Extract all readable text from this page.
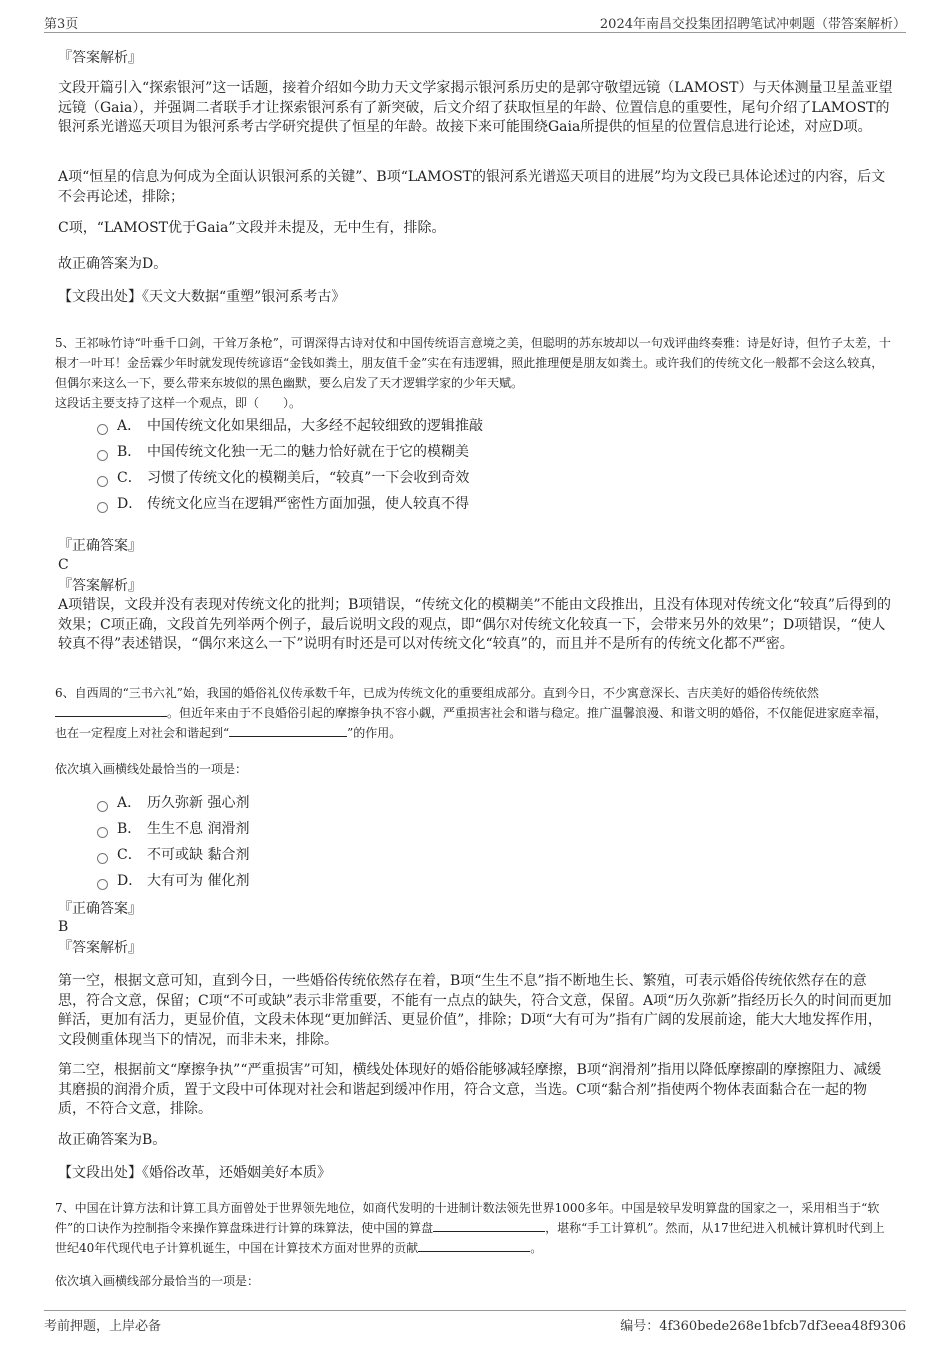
第3页	2024年南昌交投集团招聘笔试冲刺题（带答案解析）

『答案解析』

文段开篇引入“探索银河”这一话题，接着介绍如今助力天文学家揭示银河系历史的是郭守敬望远镜（LAMOST）与天体测量卫星盖亚望远镜（Gaia），并强调二者联手才让探索银河系有了新突破，后文介绍了获取恒星的年龄、位置信息的重要性，尾句介绍了LAMOST的银河系光谱巡天项目为银河系考古学研究提供了恒星的年龄。故接下来可能围绕Gaia所提供的恒星的位置信息进行论述，对应D项。

A项“恒星的信息为何成为全面认识银河系的关键”、B项“LAMOST的银河系光谱巡天项目的进展”均为文段已具体论述过的内容，后文不会再论述，排除；

C项，“LAMOST优于Gaia”文段并未提及，无中生有，排除。

故正确答案为D。

【文段出处】《天文大数据“重塑”银河系考古》

5、王祁咏竹诗“叶垂千口剑，干耸万条枪”，可谓深得古诗对仗和中国传统语言意境之美，但聪明的苏东坡却以一句戏评曲终奏雅：诗是好诗，但竹子太差，十根才一叶耳！金岳霖少年时就发现传统谚语“金钱如粪土，朋友值千金”实在有违逻辑，照此推理便是朋友如粪土。或许我们的传统文化一般都不会这么较真，但偶尔来这么一下，要么带来东坡似的黑色幽默，要么启发了天才逻辑学家的少年天赋。

这段话主要支持了这样一个观点，即（　　）。

A． 中国传统文化如果细品，大多经不起较细致的逻辑推敲
B． 中国传统文化独一无二的魅力恰好就在于它的模糊美
C． 习惯了传统文化的模糊美后，“较真”一下会收到奇效
D． 传统文化应当在逻辑严密性方面加强，使人较真不得

『正确答案』

C

『答案解析』

A项错误，文段并没有表现对传统文化的批判；B项错误，“传统文化的模糊美”不能由文段推出，且没有体现对传统文化“较真”后得到的效果；C项正确，文段首先列举两个例子，最后说明文段的观点，即“偶尔对传统文化较真一下，会带来另外的效果”；D项错误，“使人较真不得”表述错误，“偶尔来这么一下”说明有时还是可以对传统文化“较真”的，而且并不是所有的传统文化都不严密。

6、自西周的“三书六礼”始，我国的婚俗礼仪传承数千年，已成为传统文化的重要组成部分。直到今日，不少寓意深长、吉庆美好的婚俗传统依然。但近年来由于不良婚俗引起的摩擦争执不容小觑，严重损害社会和谐与稳定。推广温馨浪漫、和谐文明的婚俗，不仅能促进家庭幸福，也在一定程度上对社会和谐起到“	”的作用。

依次填入画横线处最恰当的一项是：

A． 历久弥新 强心剂
B． 生生不息 润滑剂
C． 不可或缺 黏合剂
D． 大有可为 催化剂

『正确答案』

B

『答案解析』

第一空，根据文意可知，直到今日，一些婚俗传统依然存在着，B项“生生不息”指不断地生长、繁殖，可表示婚俗传统依然存在的意思，符合文意，保留；C项“不可或缺”表示非常重要，不能有一点点的缺失，符合文意，保留。A项“历久弥新”指经历长久的时间而更加鲜活，更加有活力，更显价值，文段未体现“更加鲜活、更显价值”，排除；D项“大有可为”指有广阔的发展前途，能大大地发挥作用，文段侧重体现当下的情况，而非未来，排除。

第二空，根据前文“摩擦争执”“严重损害”可知，横线处体现好的婚俗能够减轻摩擦，B项“润滑剂”指用以降低摩擦副的摩擦阻力、减缓其磨损的润滑介质，置于文段中可体现对社会和谐起到缓冲作用，符合文意，当选。C项“黏合剂”指使两个物体表面黏合在一起的物质，不符合文意，排除。

故正确答案为B。

【文段出处】《婚俗改革，还婚姻美好本质》

7、中国在计算方法和计算工具方面曾处于世界领先地位，如商代发明的十进制计数法领先世界1000多年。中国是较早发明算盘的国家之一，采用相当于“软件”的口诀作为控制指令来操作算盘珠进行计算的珠算法，使中国的算盘	，堪称“手工计算机”。然而，从17世纪进入机械计算机时代到上世纪40年代现代电子计算机诞生，中国在计算技术方面对世界的贡献	。

依次填入画横线部分最恰当的一项是：

考前押题，上岸必备	编号：4f360bede268e1bfcb7df3eea48f9306
